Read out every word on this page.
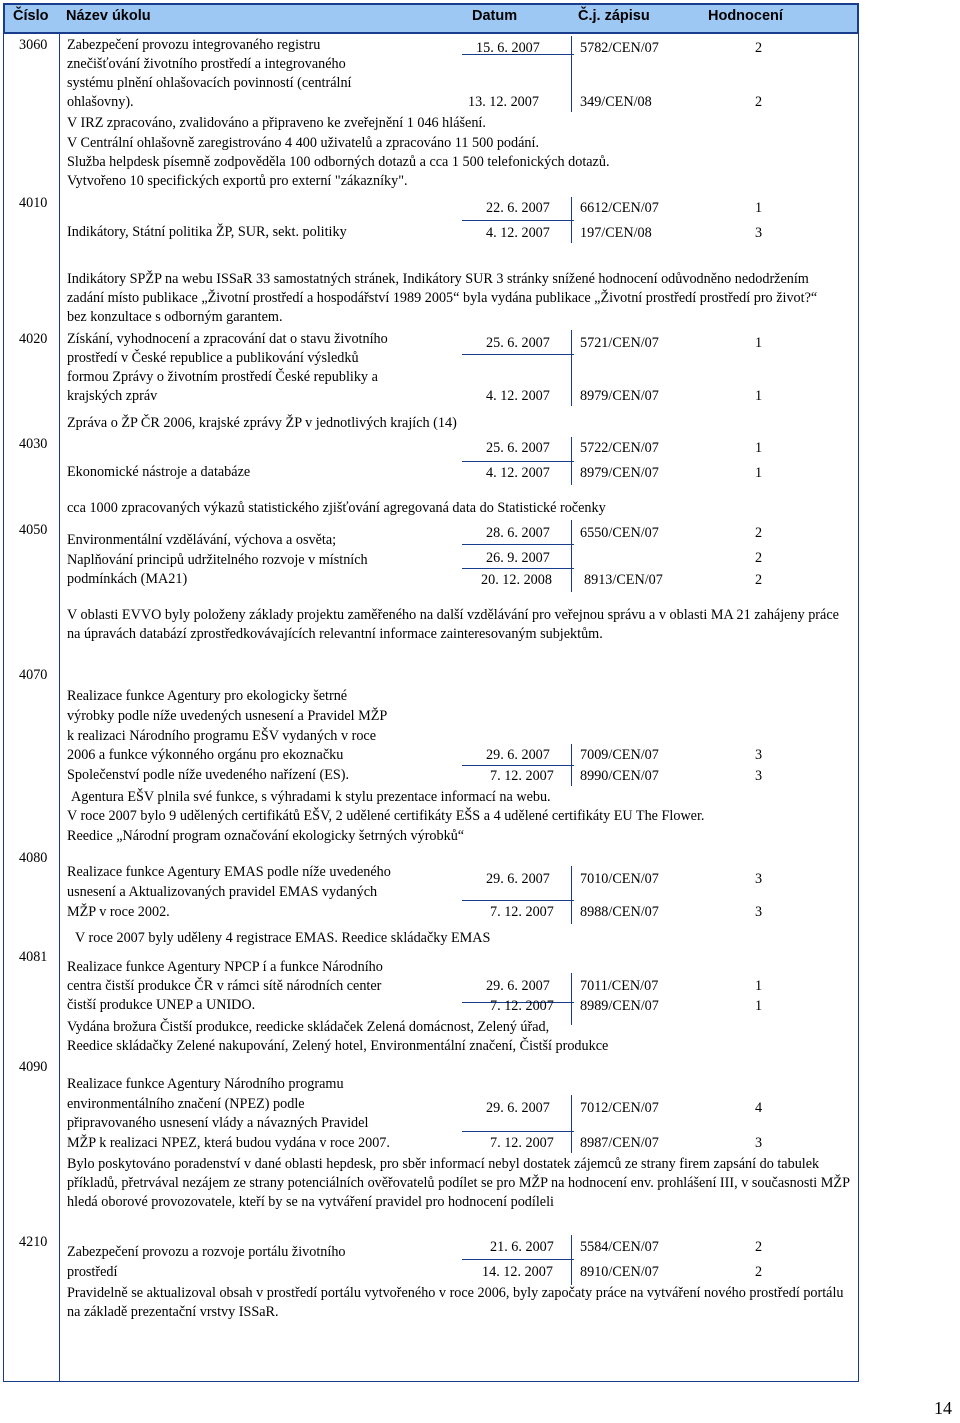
Číslo Název úkolu	Datum	Č.j. zápisu	Hodnocení
3060 Zabezpečení provozu integrovaného registru
znečišťování životního prostředí a integrovaného
systému plnění ohlašovacích povinností (centrální
ohlašovny).
15. 6. 2007	5782/CEN/07	2
13. 12. 2007	349/CEN/08	2
V IRZ zpracováno, zvalidováno a připraveno ke zveřejnění 1 046 hlášení.
V Centrální ohlašovně zaregistrováno 4 400 uživatelů a zpracováno 11 500 podání.
Služba helpdesk písemně zodpověděla 100 odborných dotazů a cca 1 500 telefonických dotazů.
Vytvořeno 10 specifických exportů pro externí "zákazníky".
4010	22. 6. 2007 6612/CEN/07	1
Indikátory, Státní politika ŽP, SUR, sekt. politiky	4. 12. 2007 197/CEN/08	3
Indikátory SPŽP na webu ISSaR 33 samostatných stránek, Indikátory SUR 3 stránky snížené hodnocení odůvodněno nedodržením zadání místo publikace „Životní prostředí a hospodářství 1989 2005“ byla vydána publikace „Životní prostředí prostředí pro život?“ bez konzultace s odborným garantem.
4020 Získání, vyhodnocení a zpracování dat o stavu životního
prostředí v České republice a publikování výsledků
formou Zprávy o životním prostředí České republiky a
krajských zpráv
25. 6. 2007 5721/CEN/07	1
4. 12. 2007 8979/CEN/07	1
Zpráva o ŽP ČR 2006, krajské zprávy ŽP v jednotlivých krajích (14)
4030	25. 6. 2007 5722/CEN/07	1
Ekonomické nástroje a databáze	4. 12. 2007 8979/CEN/07	1
cca 1000 zpracovaných výkazů statistického zjišťování agregovaná data do Statistické ročenky
4050	28. 6. 2007 6550/CEN/07	2
Environmentální vzdělávání, výchova a osvěta;
Naplňování principů udržitelného rozvoje v místních
podmínkách (MA21)
26. 9. 2007	2
20. 12. 2008 8913/CEN/07	2
V oblasti EVVO byly položeny základy projektu zaměřeného na další vzdělávání pro veřejnou správu a v oblasti MA 21 zahájeny práce na úpravách databází zprostředkovávajících relevantní informace zainteresovaným subjektům.
4070
Realizace funkce Agentury pro ekologicky šetrné
výrobky podle níže uvedených usnesení a Pravidel MŽP
k realizaci Národního programu EŠV vydaných v roce
2006 a funkce výkonného orgánu pro ekoznačku
Společenství podle níže uvedeného nařízení (ES).
29. 6. 2007 7009/CEN/07	3
7. 12. 2007 8990/CEN/07	3
Agentura EŠV plnila své funkce, s výhradami k stylu prezentace informací na webu.
V roce 2007 bylo 9 udělených certifikátů EŠV, 2 udělené certifikáty EŠS a 4 udělené certifikáty EU The Flower.
Reedice „Národní program označování ekologicky šetrných výrobků“
4080
Realizace funkce Agentury EMAS podle níže uvedeného
usnesení a Aktualizovaných pravidel EMAS vydaných
MŽP v roce 2002.
29. 6. 2007 7010/CEN/07	3
7. 12. 2007 8988/CEN/07	3
V roce 2007 byly uděleny 4 registrace EMAS. Reedice skládačky EMAS
4081
Realizace funkce Agentury NPCP í a funkce Národního
centra čistší produkce ČR v rámci sítě národních center
čistší produkce UNEP a UNIDO.
29. 6. 2007 7011/CEN/07	1
7. 12. 2007 8989/CEN/07	1
Vydána brožura Čistší produkce, reedicke skládaček Zelená domácnost, Zelený úřad,
Reedice skládačky Zelené nakupování, Zelený hotel, Environmentální značení, Čistší produkce
4090
Realizace funkce Agentury Národního programu
environmentálního značení (NPEZ) podle
připravovaného usnesení vlády a návazných Pravidel
MŽP k realizaci NPEZ, která budou vydána v roce 2007.
29. 6. 2007 7012/CEN/07	4
7. 12. 2007 8987/CEN/07	3
Bylo poskytováno poradenství v dané oblasti hepdesk, pro sběr informací nebyl dostatek zájemců ze strany firem zapsání do tabulek příkladů, přetrvával nezájem ze strany potenciálních ověřovatelů podílet se pro MŽP na hodnocení env. prohlášení III, v současnosti MŽP hledá oborové provozovatele, kteří by se na vytváření pravidel pro hodnocení podíleli
4210
Zabezpečení provozu a rozvoje portálu životního
prostředí
21. 6. 2007 5584/CEN/07	2
14. 12. 2007 8910/CEN/07	2
Pravidelně se aktualizoval obsah v prostředí portálu vytvořeného v roce 2006, byly započaty práce na vytváření nového prostředí portálu na základě prezentační vrstvy ISSaR.
14
